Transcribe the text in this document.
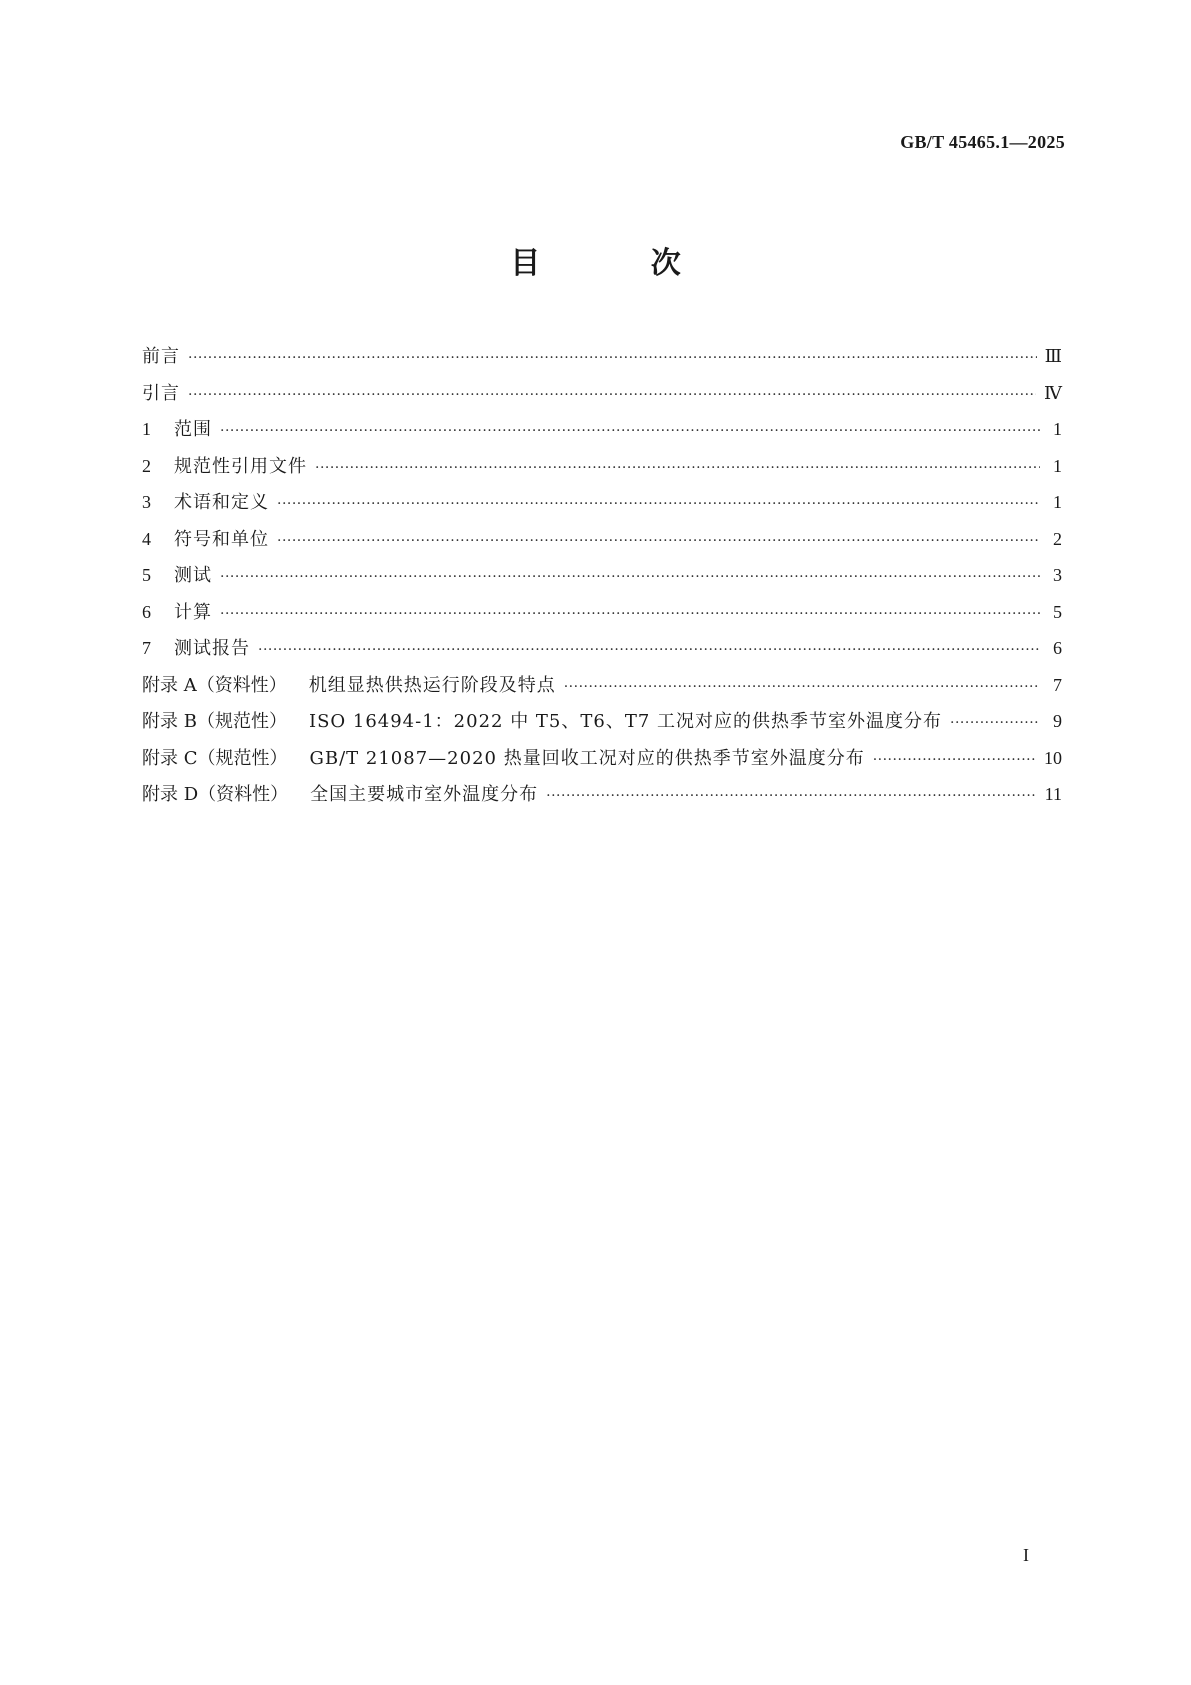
GB/T 45465.1—2025
目 次
前言 ·····	Ⅲ
引言 ·····	Ⅳ
1	范围 ·····	1
2	规范性引用文件 ·····	1
3	术语和定义 ·····	1
4	符号和单位 ·····	2
5	测试 ·····	3
6	计算 ·····	5
7	测试报告 ·····	6
附录 A（资料性） 机组显热供热运行阶段及特点 ·····	7
附录 B（规范性） ISO 16494-1：2022 中 T5、T6、T7 工况对应的供热季节室外温度分布 ·····	9
附录 C（规范性） GB/T 21087—2020 热量回收工况对应的供热季节室外温度分布 ·····	10
附录 D（资料性） 全国主要城市室外温度分布 ·····	11
I
